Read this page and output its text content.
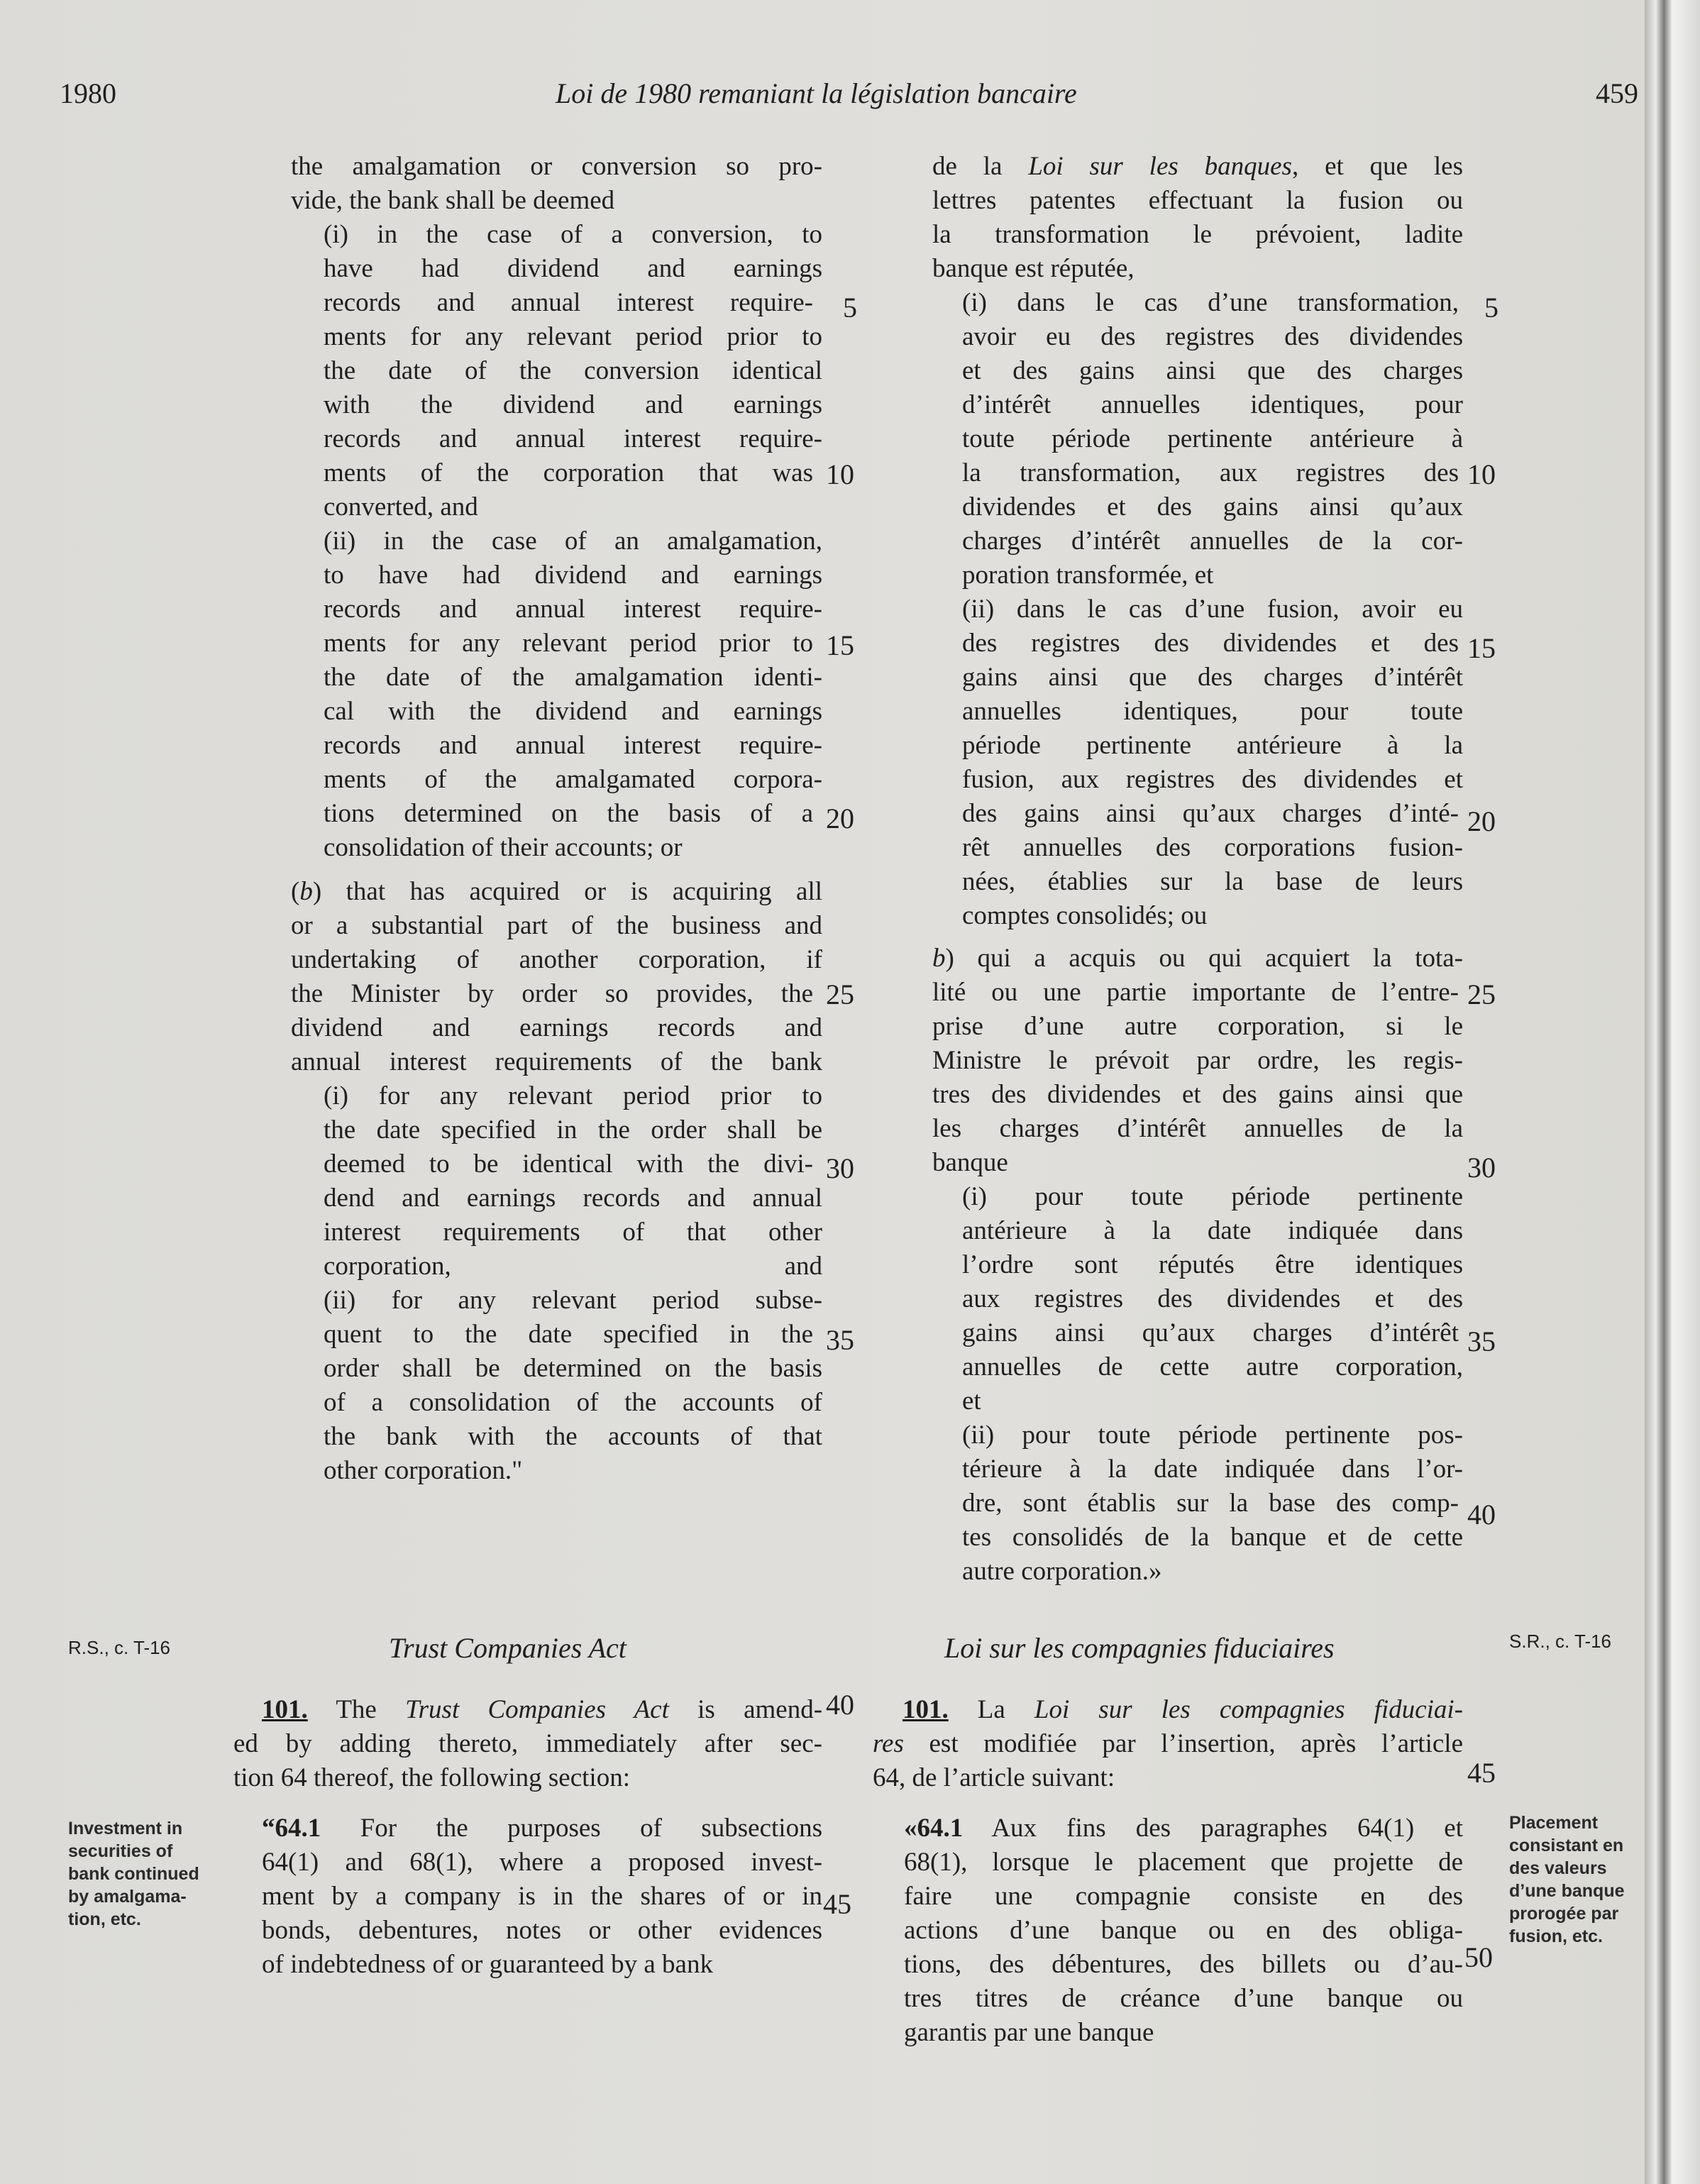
1980	Loi de 1980 remaniant la législation bancaire	459
the amalgamation or conversion so pro-
vide, the bank shall be deemed
(i) in the case of a conversion, to
have had dividend and earnings
records and annual interest require-
ments for any relevant period prior to
the date of the conversion identical
with the dividend and earnings
records and annual interest require-
ments of the corporation that was
converted, and
(ii) in the case of an amalgamation,
to have had dividend and earnings
records and annual interest require-
ments for any relevant period prior to
the date of the amalgamation identi-
cal with the dividend and earnings
records and annual interest require-
ments of the amalgamated corpora-
tions determined on the basis of a
consolidation of their accounts; or
(b) that has acquired or is acquiring all
or a substantial part of the business and
undertaking of another corporation, if
the Minister by order so provides, the
dividend and earnings records and
annual interest requirements of the bank
(i) for any relevant period prior to
the date specified in the order shall be
deemed to be identical with the divi-
dend and earnings records and annual
interest requirements of that other
corporation, and
(ii) for any relevant period subse-
quent to the date specified in the
order shall be determined on the basis
of a consolidation of the accounts of
the bank with the accounts of that
other corporation."
de la Loi sur les banques, et que les
lettres patentes effectuant la fusion ou
la transformation le prévoient, ladite
banque est réputée,
(i) dans le cas d’une transformation,
avoir eu des registres des dividendes
et des gains ainsi que des charges
d’intérêt annuelles identiques, pour
toute période pertinente antérieure à
la transformation, aux registres des
dividendes et des gains ainsi qu’aux
charges d’intérêt annuelles de la cor-
poration transformée, et
(ii) dans le cas d’une fusion, avoir eu
des registres des dividendes et des
gains ainsi que des charges d’intérêt
annuelles identiques, pour toute
période pertinente antérieure à la
fusion, aux registres des dividendes et
des gains ainsi qu’aux charges d’inté-
rêt annuelles des corporations fusion-
nées, établies sur la base de leurs
comptes consolidés; ou
b) qui a acquis ou qui acquiert la tota-
lité ou une partie importante de l’entre-
prise d’une autre corporation, si le
Ministre le prévoit par ordre, les regis-
tres des dividendes et des gains ainsi que
les charges d’intérêt annuelles de la
banque
(i) pour toute période pertinente
antérieure à la date indiquée dans
l’ordre sont réputés être identiques
aux registres des dividendes et des
gains ainsi qu’aux charges d’intérêt
annuelles de cette autre corporation,
et
(ii) pour toute période pertinente pos-
térieure à la date indiquée dans l’or-
dre, sont établis sur la base des comp-
tes consolidés de la banque et de cette
autre corporation.»
5
10
15
20
25
30
35
40
45
5
10
15
20
25
30
35
40
45
50
R.S., c. T-16	Trust Companies Act	Loi sur les compagnies fiduciaires	S.R., c. T-16
101. The Trust Companies Act is amend-
ed by adding thereto, immediately after sec-
tion 64 thereof, the following section:
101. La Loi sur les compagnies fiduciai-
res est modifiée par l’insertion, après l’article
64, de l’article suivant:
“64.1 For the purposes of subsections
64(1) and 68(1), where a proposed invest-
ment by a company is in the shares of or in
bonds, debentures, notes or other evidences
of indebtedness of or guaranteed by a bank
«64.1 Aux fins des paragraphes 64(1) et
68(1), lorsque le placement que projette de
faire une compagnie consiste en des
actions d’une banque ou en des obliga-
tions, des débentures, des billets ou d’au-
tres titres de créance d’une banque ou
garantis par une banque
Investment in
securities of
bank continued
by amalgama-
tion, etc.
Placement
consistant en
des valeurs
d’une banque
prorogée par
fusion, etc.
